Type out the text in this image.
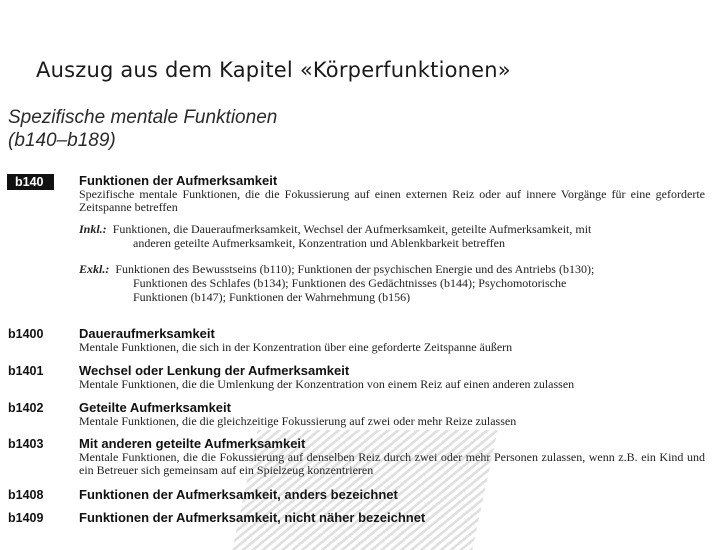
Auszug aus dem Kapitel «Körperfunktionen»
Spezifische mentale Funktionen
(b140–b189)
b140	Funktionen der Aufmerksamkeit
Spezifische mentale Funktionen, die die Fokussierung auf einen externen Reiz oder auf innere Vorgänge für eine geforderte Zeitspanne betreffen
Inkl.: Funktionen, die Daueraufmerksamkeit, Wechsel der Aufmerksamkeit, geteilte Aufmerksamkeit, mit
anderen geteilte Aufmerksamkeit, Konzentration und Ablenkbarkeit betreffen
Exkl.: Funktionen des Bewusstseins (b110); Funktionen der psychischen Energie und des Antriebs (b130);
Funktionen des Schlafes (b134); Funktionen des Gedächtnisses (b144); Psychomotorische
Funktionen (b147); Funktionen der Wahrnehmung (b156)
b1400	Daueraufmerksamkeit
Mentale Funktionen, die sich in der Konzentration über eine geforderte Zeitspanne äußern
b1401	Wechsel oder Lenkung der Aufmerksamkeit
Mentale Funktionen, die die Umlenkung der Konzentration von einem Reiz auf einen anderen zulassen
b1402	Geteilte Aufmerksamkeit
Mentale Funktionen, die die gleichzeitige Fokussierung auf zwei oder mehr Reize zulassen
b1403	Mit anderen geteilte Aufmerksamkeit
Mentale Funktionen, die die Fokussierung auf denselben Reiz durch zwei oder mehr Personen zulassen, wenn z.B. ein Kind und ein Betreuer sich gemeinsam auf ein Spielzeug konzentrieren
b1408	Funktionen der Aufmerksamkeit, anders bezeichnet
b1409	Funktionen der Aufmerksamkeit, nicht näher bezeichnet
